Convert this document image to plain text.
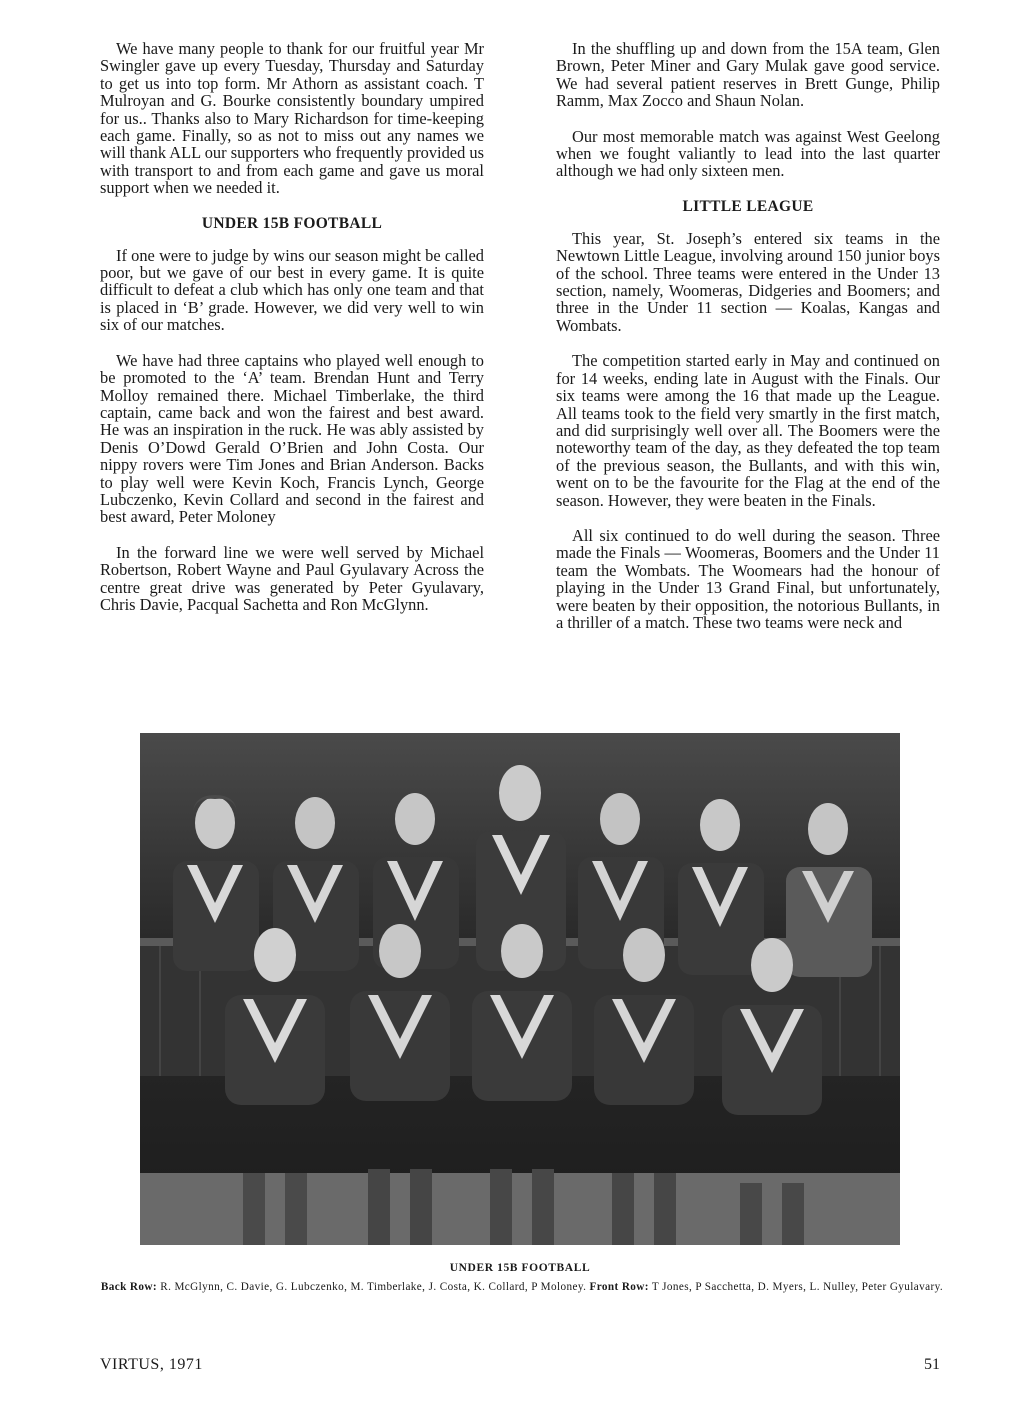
We have many people to thank for our fruitful year Mr Swingler gave up every Tuesday, Thursday and Saturday to get us into top form. Mr Athorn as assistant coach. T Mulroyan and G. Bourke consistently boundary umpired for us.. Thanks also to Mary Richardson for time-keeping each game. Finally, so as not to miss out any names we will thank ALL our supporters who frequently provided us with transport to and from each game and gave us moral support when we needed it.

UNDER 15B FOOTBALL

If one were to judge by wins our season might be called poor, but we gave of our best in every game. It is quite difficult to defeat a club which has only one team and that is placed in ‘B’ grade. However, we did very well to win six of our matches.

We have had three captains who played well enough to be promoted to the ‘A’ team. Brendan Hunt and Terry Molloy remained there. Michael Timberlake, the third captain, came back and won the fairest and best award. He was an inspiration in the ruck. He was ably assisted by Denis O’Dowd Gerald O’Brien and John Costa. Our nippy rovers were Tim Jones and Brian Anderson. Backs to play well were Kevin Koch, Francis Lynch, George Lubczenko, Kevin Collard and second in the fairest and best award, Peter Moloney

In the forward line we were well served by Michael Robertson, Robert Wayne and Paul Gyulavary Across the centre great drive was generated by Peter Gyulavary, Chris Davie, Pacqual Sachetta and Ron McGlynn.

In the shuffling up and down from the 15A team, Glen Brown, Peter Miner and Gary Mulak gave good service. We had several patient reserves in Brett Gunge, Philip Ramm, Max Zocco and Shaun Nolan.

Our most memorable match was against West Geelong when we fought valiantly to lead into the last quarter although we had only sixteen men.

LITTLE LEAGUE

This year, St. Joseph’s entered six teams in the Newtown Little League, involving around 150 junior boys of the school. Three teams were entered in the Under 13 section, namely, Woomeras, Didgeries and Boomers; and three in the Under 11 section — Koalas, Kangas and Wombats.

The competition started early in May and continued on for 14 weeks, ending late in August with the Finals. Our six teams were among the 16 that made up the League. All teams took to the field very smartly in the first match, and did surprisingly well over all. The Boomers were the noteworthy team of the day, as they defeated the top team of the previous season, the Bullants, and with this win, went on to be the favourite for the Flag at the end of the season. However, they were beaten in the Finals.

All six continued to do well during the season. Three made the Finals — Woomeras, Boomers and the Under 11 team the Wombats. The Woomears had the honour of playing in the Under 13 Grand Final, but unfortunately, were beaten by their opposition, the notorious Bullants, in a thriller of a match. These two teams were neck and

UNDER 15B FOOTBALL

Back Row: R. McGlynn, C. Davie, G. Lubczenko, M. Timberlake, J. Costa, K. Collard, P Moloney. Front Row: T Jones, P Sacchetta, D. Myers, L. Nulley, Peter Gyulavary.

VIRTUS, 1971	51
